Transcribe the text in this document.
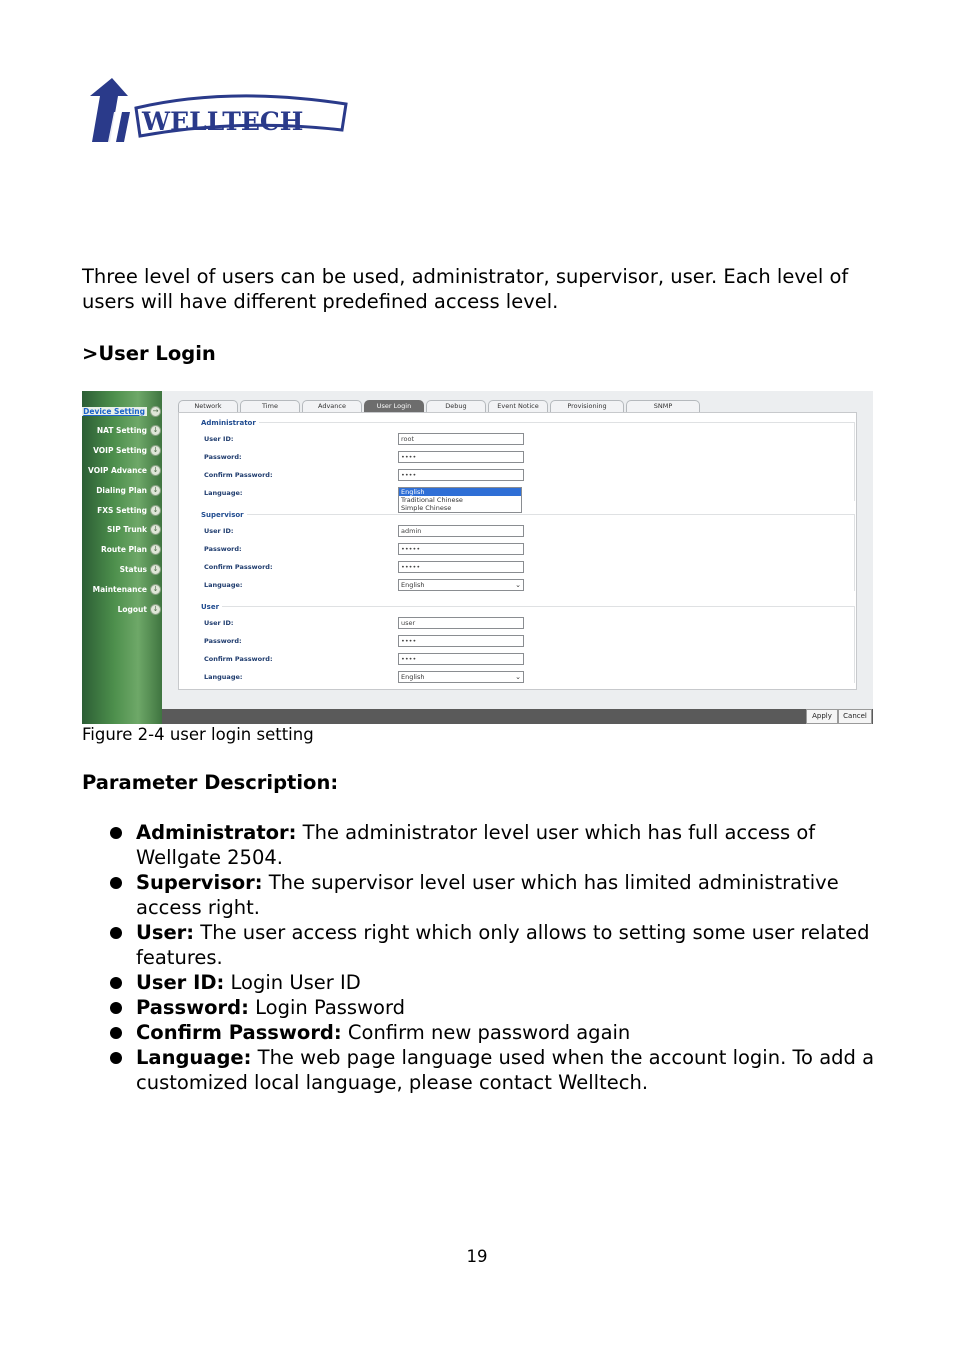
WELLTECH

Three level of users can be used, administrator, supervisor, user. Each level of users will have different predefined access level.

>User Login

Device Setting	→
NAT Setting ↓
VOIP Setting ↓
VOIP Advance ↓
Dialing Plan ↓
FXS Setting ↓
SIP Trunk ↓
Route Plan ↓
Status ↓
Maintenance ↓
Logout ↓
Network	Time	Advance	User Login	Debug	Event Notice	Provisioning	SNMP
Administrator
User ID:	root
Password:	••••
Confirm Password:	••••
Language:	English
Traditional Chinese
Simple Chinese
Supervisor
User ID:	admin
Password:	•••••
Confirm Password:	•••••
Language:	English	⌄
User
User ID:	user
Password:	••••
Confirm Password:	••••
Language:	English	⌄
Apply	Cancel

Figure 2-4 user login setting

Parameter Description:

Administrator: The administrator level user which has full access of Wellgate 2504.
Supervisor: The supervisor level user which has limited administrative access right.
User: The user access right which only allows to setting some user related features.
User ID: Login User ID
Password: Login Password
Confirm Password: Confirm new password again
Language: The web page language used when the account login. To add a customized local language, please contact Welltech.

19
